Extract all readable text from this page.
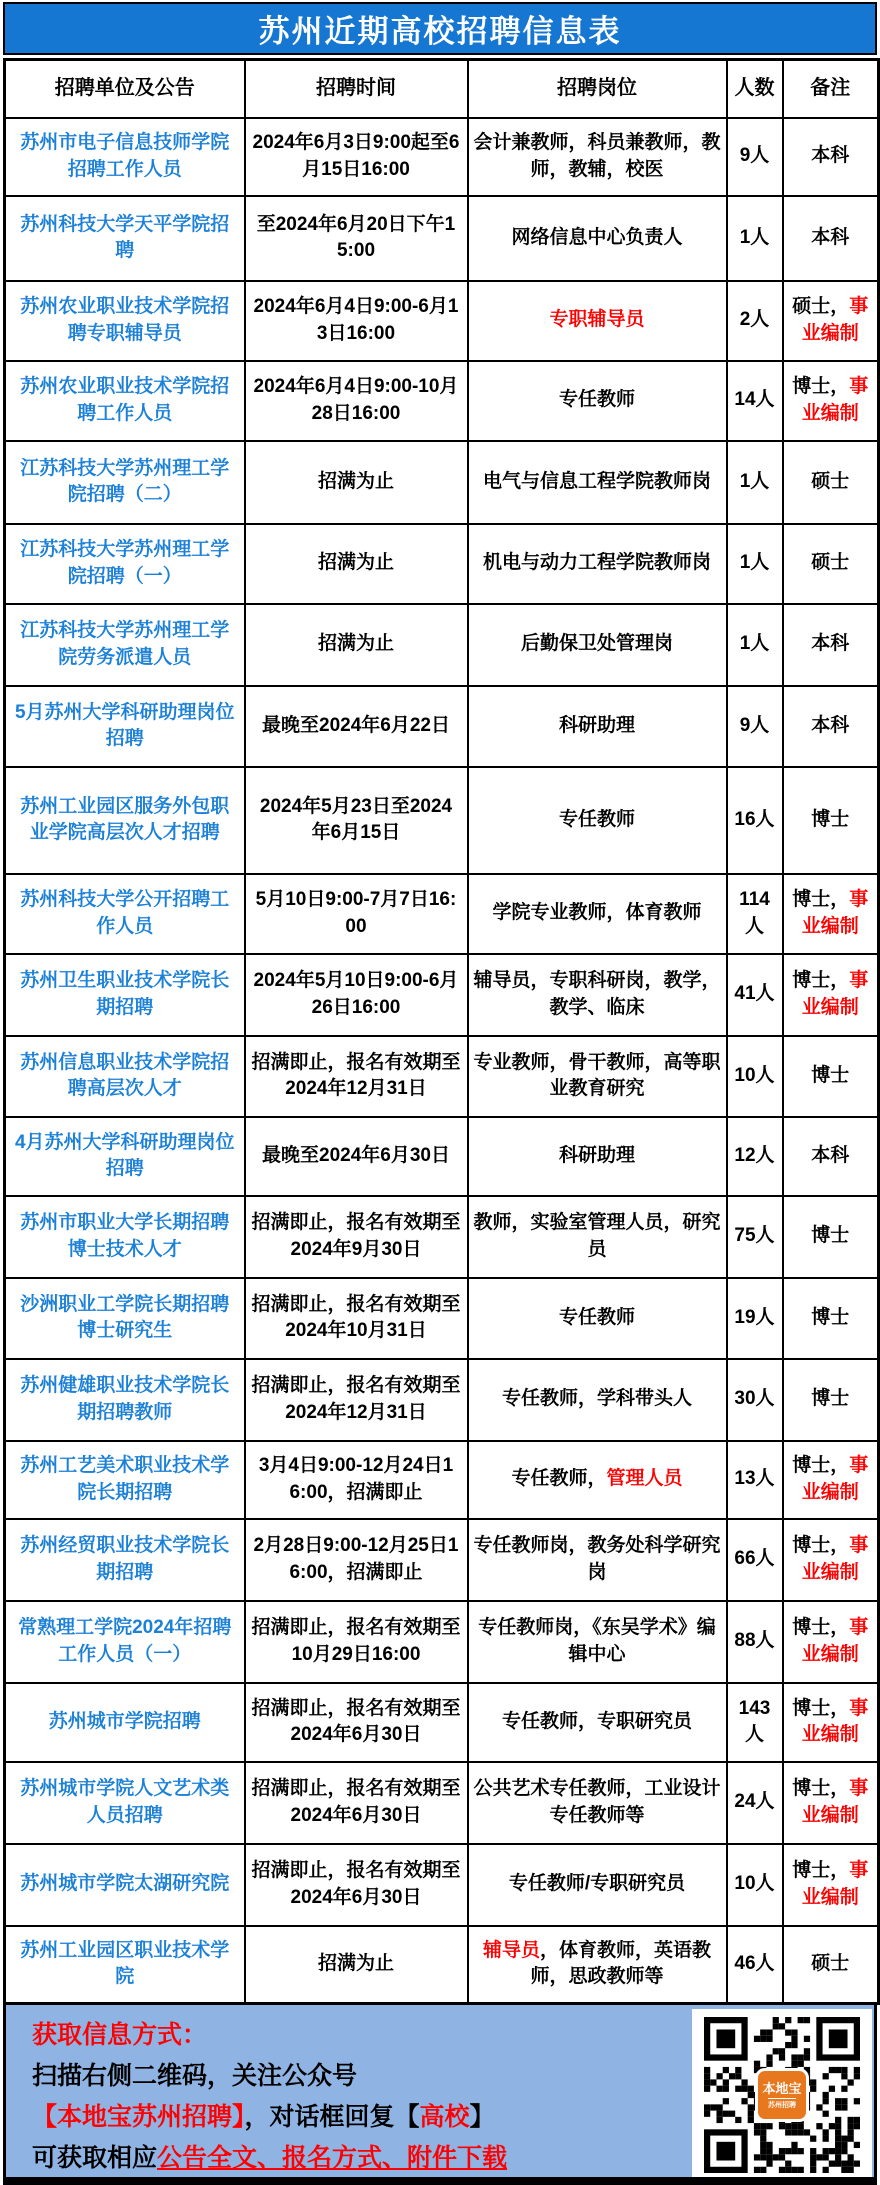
苏州近期高校招聘信息表
招聘单位及公告	招聘时间	招聘岗位	人数	备注
苏州市电子信息技师学院招聘工作人员	2024年6月3日9:00起至6月15日16:00	会计兼教师，科员兼教师，教师，教辅，校医	9人	本科
苏州科技大学天平学院招聘	至2024年6月20日下午15:00	网络信息中心负责人	1人	本科
苏州农业职业技术学院招聘专职辅导员	2024年6月4日9:00-6月13日16:00	专职辅导员	2人	硕士，事业编制
苏州农业职业技术学院招聘工作人员	2024年6月4日9:00-10月28日16:00	专任教师	14人	博士，事业编制
江苏科技大学苏州理工学院招聘（二）	招满为止	电气与信息工程学院教师岗	1人	硕士
江苏科技大学苏州理工学院招聘（一）	招满为止	机电与动力工程学院教师岗	1人	硕士
江苏科技大学苏州理工学院劳务派遣人员	招满为止	后勤保卫处管理岗	1人	本科
5月苏州大学科研助理岗位招聘	最晚至2024年6月22日	科研助理	9人	本科
苏州工业园区服务外包职业学院高层次人才招聘	2024年5月23日至2024年6月15日	专任教师	16人	博士
苏州科技大学公开招聘工作人员	5月10日9:00-7月7日16:00	学院专业教师，体育教师	114人	博士，事业编制
苏州卫生职业技术学院长期招聘	2024年5月10日9:00-6月26日16:00	辅导员，专职科研岗，教学，教学、临床	41人	博士，事业编制
苏州信息职业技术学院招聘高层次人才	招满即止，报名有效期至2024年12月31日	专业教师，骨干教师，高等职业教育研究	10人	博士
4月苏州大学科研助理岗位招聘	最晚至2024年6月30日	科研助理	12人	本科
苏州市职业大学长期招聘博士技术人才	招满即止，报名有效期至2024年9月30日	教师，实验室管理人员，研究员	75人	博士
沙洲职业工学院长期招聘博士研究生	招满即止，报名有效期至2024年10月31日	专任教师	19人	博士
苏州健雄职业技术学院长期招聘教师	招满即止，报名有效期至2024年12月31日	专任教师，学科带头人	30人	博士
苏州工艺美术职业技术学院长期招聘	3月4日9:00-12月24日16:00，招满即止	专任教师，管理人员	13人	博士，事业编制
苏州经贸职业技术学院长期招聘	2月28日9:00-12月25日16:00，招满即止	专任教师岗，教务处科学研究岗	66人	博士，事业编制
常熟理工学院2024年招聘工作人员（一）	招满即止，报名有效期至10月29日16:00	专任教师岗，《东吴学术》编辑中心	88人	博士，事业编制
苏州城市学院招聘	招满即止，报名有效期至2024年6月30日	专任教师，专职研究员	143人	博士，事业编制
苏州城市学院人文艺术类人员招聘	招满即止，报名有效期至2024年6月30日	公共艺术专任教师，工业设计专任教师等	24人	博士，事业编制
苏州城市学院太湖研究院	招满即止，报名有效期至2024年6月30日	专任教师/专职研究员	10人	博士，事业编制
苏州工业园区职业技术学院	招满为止	辅导员，体育教师，英语教师，思政教师等	46人	硕士
获取信息方式：
扫描右侧二维码，关注公众号
【本地宝苏州招聘】，对话框回复【高校】
可获取相应公告全文、报名方式、附件下载
本地宝
苏州招聘
